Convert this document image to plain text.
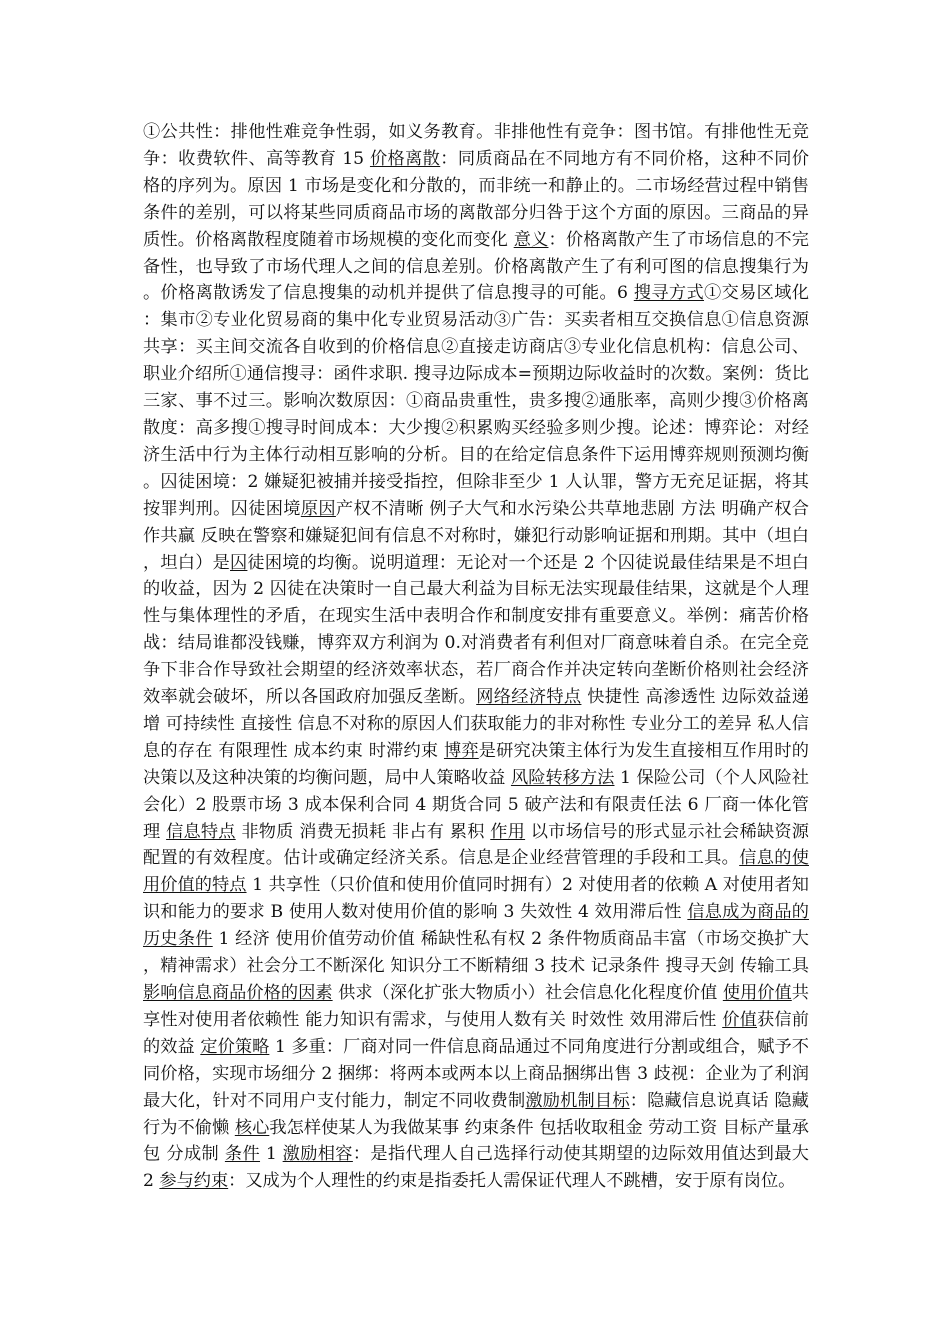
①公共性：排他性难竞争性弱，如义务教育。非排他性有竞争：图书馆。有排他性无竞争：收费软件、高等教育 15 价格离散：同质商品在不同地方有不同价格，这种不同价格的序列为。原因 1 市场是变化和分散的，而非统一和静止的。二市场经营过程中销售条件的差别，可以将某些同质商品市场的离散部分归咎于这个方面的原因。三商品的异质性。价格离散程度随着市场规模的变化而变化 意义：价格离散产生了市场信息的不完备性，也导致了市场代理人之间的信息差别。价格离散产生了有利可图的信息搜集行为。价格离散诱发了信息搜集的动机并提供了信息搜寻的可能。6 搜寻方式①交易区域化：集市②专业化贸易商的集中化专业贸易活动③广告：买卖者相互交换信息①信息资源共享：买主间交流各自收到的价格信息②直接走访商店③专业化信息机构：信息公司、职业介绍所①通信搜寻：函件求职. 搜寻边际成本=预期边际收益时的次数。案例：货比三家、事不过三。影响次数原因：①商品贵重性，贵多搜②通胀率，高则少搜③价格离散度：高多搜①搜寻时间成本：大少搜②积累购买经验多则少搜。论述：博弈论：对经济生活中行为主体行动相互影响的分析。目的在给定信息条件下运用博弈规则预测均衡。囚徒困境：2 嫌疑犯被捕并接受指控，但除非至少 1 人认罪，警方无充足证据，将其按罪判刑。囚徒困境原因产权不清晰 例子大气和水污染公共草地悲剧 方法 明确产权合作共赢 反映在警察和嫌疑犯间有信息不对称时，嫌犯行动影响证据和刑期。其中（坦白，坦白）是囚徒困境的均衡。说明道理：无论对一个还是 2 个囚徒说最佳结果是不坦白的收益，因为 2 囚徒在决策时一自己最大利益为目标无法实现最佳结果，这就是个人理性与集体理性的矛盾，在现实生活中表明合作和制度安排有重要意义。举例：痛苦价格战：结局谁都没钱赚，博弈双方利润为 0.对消费者有利但对厂商意味着自杀。在完全竞争下非合作导致社会期望的经济效率状态，若厂商合作并决定转向垄断价格则社会经济效率就会破坏，所以各国政府加强反垄断。网络经济特点 快捷性 高渗透性 边际效益递增 可持续性 直接性 信息不对称的原因人们获取能力的非对称性 专业分工的差异 私人信息的存在 有限理性 成本约束 时滞约束 博弈是研究决策主体行为发生直接相互作用时的决策以及这种决策的均衡问题，局中人策略收益 风险转移方法 1 保险公司（个人风险社会化）2 股票市场 3 成本保利合同 4 期货合同 5 破产法和有限责任法 6 厂商一体化管理 信息特点 非物质 消费无损耗 非占有 累积 作用 以市场信号的形式显示社会稀缺资源配置的有效程度。估计或确定经济关系。信息是企业经营管理的手段和工具。信息的使用价值的特点 1 共享性（只价值和使用价值同时拥有）2 对使用者的依赖 A 对使用者知识和能力的要求 B 使用人数对使用价值的影响 3 失效性 4 效用滞后性 信息成为商品的历史条件 1 经济 使用价值劳动价值 稀缺性私有权 2 条件物质商品丰富（市场交换扩大，精神需求）社会分工不断深化 知识分工不断精细 3 技术 记录条件 搜寻天剑 传输工具 影响信息商品价格的因素 供求（深化扩张大物质小）社会信息化化程度价值 使用价值共享性对使用者依赖性 能力知识有需求，与使用人数有关 时效性 效用滞后性 价值获信前的效益 定价策略 1 多重：厂商对同一件信息商品通过不同角度进行分割或组合，赋予不同价格，实现市场细分 2 捆绑：将两本或两本以上商品捆绑出售 3 歧视：企业为了利润最大化，针对不同用户支付能力，制定不同收费制激励机制目标：隐藏信息说真话 隐藏行为不偷懒 核心我怎样使某人为我做某事 约束条件 包括收取租金 劳动工资 目标产量承包 分成制 条件 1 激励相容：是指代理人自己选择行动使其期望的边际效用值达到最大 2 参与约束：又成为个人理性的约束是指委托人需保证代理人不跳槽，安于原有岗位。
